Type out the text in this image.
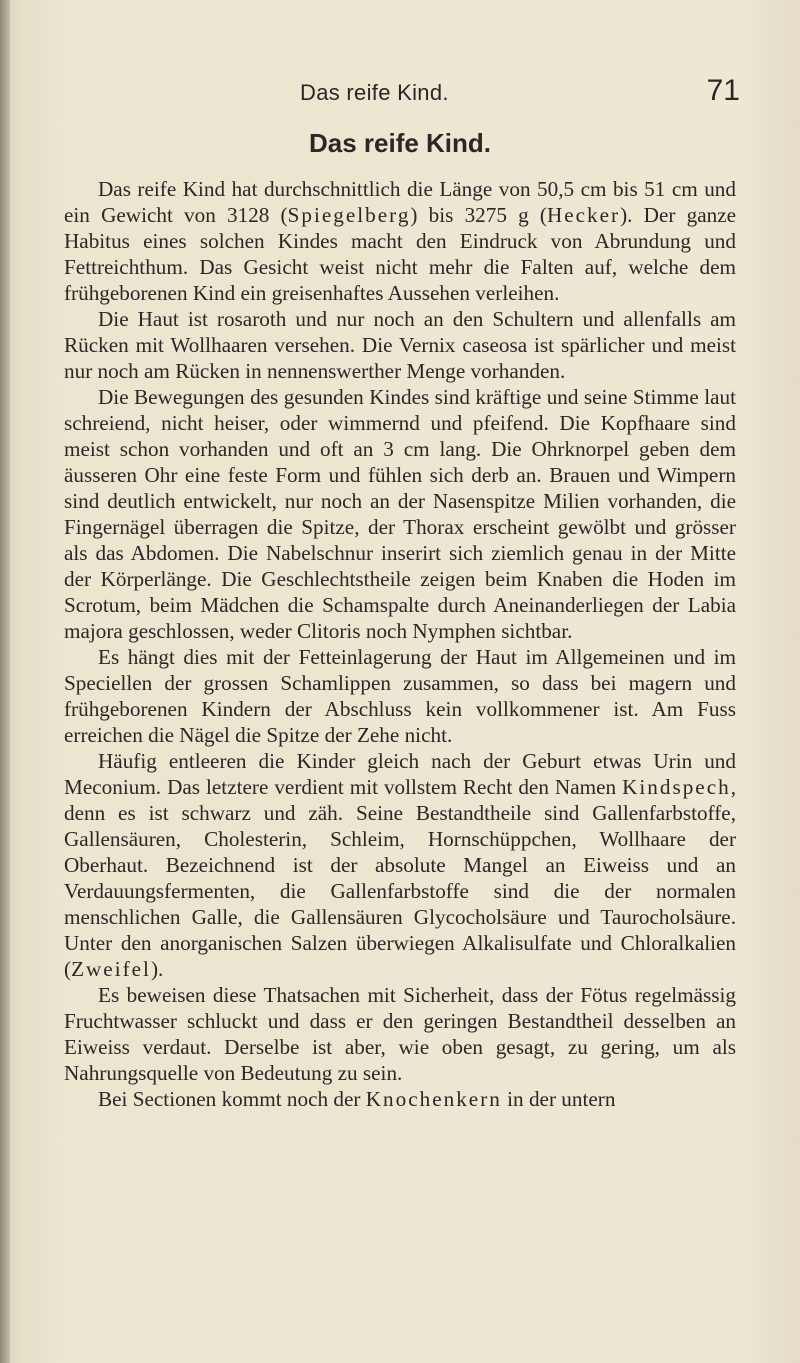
Das reife Kind.	71
Das reife Kind.

Das reife Kind hat durchschnittlich die Länge von 50,5 cm bis 51 cm und ein Gewicht von 3128 (Spiegelberg) bis 3275 g (Hecker). Der ganze Habitus eines solchen Kindes macht den Eindruck von Abrundung und Fettreichthum. Das Gesicht weist nicht mehr die Falten auf, welche dem frühgeborenen Kind ein greisenhaftes Aussehen verleihen.

Die Haut ist rosaroth und nur noch an den Schultern und allenfalls am Rücken mit Wollhaaren versehen. Die Vernix caseosa ist spärlicher und meist nur noch am Rücken in nennenswerther Menge vorhanden.

Die Bewegungen des gesunden Kindes sind kräftige und seine Stimme laut schreiend, nicht heiser, oder wimmernd und pfeifend. Die Kopfhaare sind meist schon vorhanden und oft an 3 cm lang. Die Ohrknorpel geben dem äusseren Ohr eine feste Form und fühlen sich derb an. Brauen und Wimpern sind deutlich entwickelt, nur noch an der Nasenspitze Milien vorhanden, die Fingernägel überragen die Spitze, der Thorax erscheint gewölbt und grösser als das Abdomen. Die Nabelschnur inserirt sich ziemlich genau in der Mitte der Körperlänge. Die Geschlechtstheile zeigen beim Knaben die Hoden im Scrotum, beim Mädchen die Schamspalte durch Aneinanderliegen der Labia majora geschlossen, weder Clitoris noch Nymphen sichtbar.

Es hängt dies mit der Fetteinlagerung der Haut im Allgemeinen und im Speciellen der grossen Schamlippen zusammen, so dass bei magern und frühgeborenen Kindern der Abschluss kein vollkommener ist. Am Fuss erreichen die Nägel die Spitze der Zehe nicht.

Häufig entleeren die Kinder gleich nach der Geburt etwas Urin und Meconium. Das letztere verdient mit vollstem Recht den Namen Kindspech, denn es ist schwarz und zäh. Seine Bestandtheile sind Gallenfarbstoffe, Gallensäuren, Cholesterin, Schleim, Hornschüppchen, Wollhaare der Oberhaut. Bezeichnend ist der absolute Mangel an Eiweiss und an Verdauungsfermenten, die Gallenfarbstoffe sind die der normalen menschlichen Galle, die Gallensäuren Glycocholsäure und Taurocholsäure. Unter den anorganischen Salzen überwiegen Alkalisulfate und Chloralkalien (Zweifel).

Es beweisen diese Thatsachen mit Sicherheit, dass der Fötus regelmässig Fruchtwasser schluckt und dass er den geringen Bestandtheil desselben an Eiweiss verdaut. Derselbe ist aber, wie oben gesagt, zu gering, um als Nahrungsquelle von Bedeutung zu sein.

Bei Sectionen kommt noch der Knochenkern in der untern
